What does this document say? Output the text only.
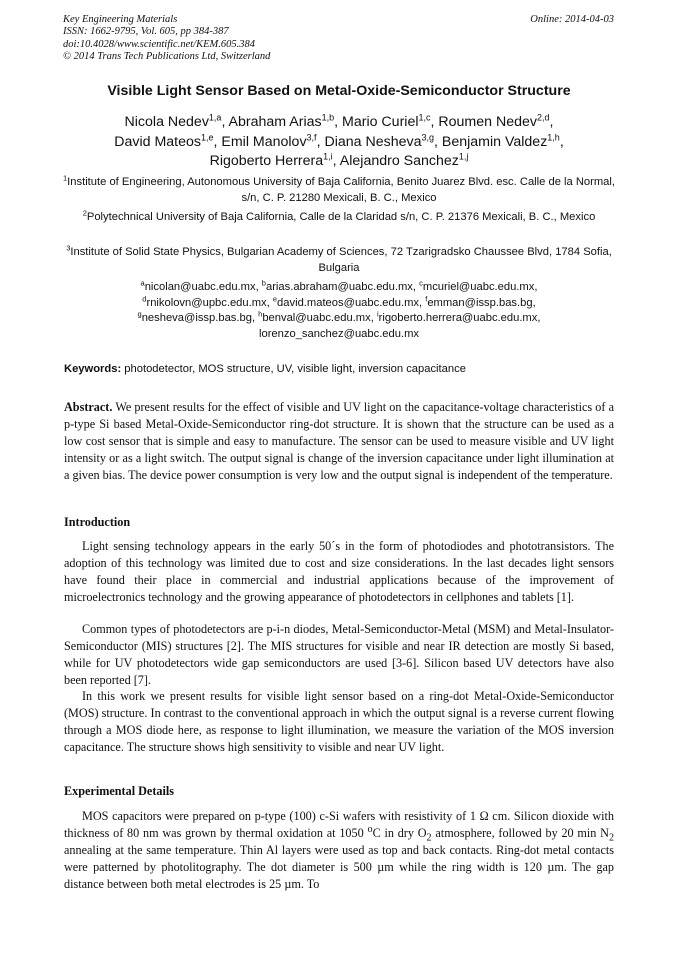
Key Engineering Materials
ISSN: 1662-9795, Vol. 605, pp 384-387
doi:10.4028/www.scientific.net/KEM.605.384
© 2014 Trans Tech Publications Ltd, Switzerland
Online: 2014-04-03
Visible Light Sensor Based on Metal-Oxide-Semiconductor Structure
Nicola Nedev$^{1,a}$, Abraham Arias$^{1,b}$, Mario Curiel$^{1,c}$, Roumen Nedev$^{2,d}$,
David Mateos$^{1,e}$, Emil Manolov$^{3,f}$, Diana Nesheva$^{3,g}$, Benjamin Valdez$^{1,h}$,
Rigoberto Herrera$^{1,i}$, Alejandro Sanchez$^{1,j}$
$^1$Institute of Engineering, Autonomous University of Baja California, Benito Juarez Blvd. esc. Calle de la Normal, s/n, C. P. 21280 Mexicali, B. C., Mexico
$^2$Polytechnical University of Baja California, Calle de la Claridad s/n, C. P. 21376 Mexicali, B. C., Mexico
$^3$Institute of Solid State Physics, Bulgarian Academy of Sciences, 72 Tzarigradsko Chaussee Blvd, 1784 Sofia, Bulgaria
$^a$nicolan@uabc.edu.mx, $^b$arias.abraham@uabc.edu.mx, $^c$mcuriel@uabc.edu.mx,
$^d$rnikolovn@upbc.edu.mx, $^e$david.mateos@uabc.edu.mx, $^f$emman@issp.bas.bg,
$^g$nesheva@issp.bas.bg, $^h$benval@uabc.edu.mx, $^i$rigoberto.herrera@uabc.edu.mx,
lorenzo_sanchez@uabc.edu.mx
Keywords: photodetector, MOS structure, UV, visible light, inversion capacitance
Abstract. We present results for the effect of visible and UV light on the capacitance-voltage characteristics of a p-type Si based Metal-Oxide-Semiconductor ring-dot structure. It is shown that the structure can be used as a low cost sensor that is simple and easy to manufacture. The sensor can be used to measure visible and UV light intensity or as a light switch. The output signal is change of the inversion capacitance under light illumination at a given bias. The device power consumption is very low and the output signal is independent of the temperature.
Introduction

Light sensing technology appears in the early 50´s in the form of photodiodes and phototransistors. The adoption of this technology was limited due to cost and size considerations. In the last decades light sensors have found their place in commercial and industrial applications because of the improvement of microelectronics technology and the growing appearance of photodetectors in cellphones and tablets [1].

Common types of photodetectors are p-i-n diodes, Metal-Semiconductor-Metal (MSM) and Metal-Insulator-Semiconductor (MIS) structures [2]. The MIS structures for visible and near IR detection are mostly Si based, while for UV photodetectors wide gap semiconductors are used [3-6]. Silicon based UV detectors have also been reported [7].

In this work we present results for visible light sensor based on a ring-dot Metal-Oxide-Semiconductor (MOS) structure. In contrast to the conventional approach in which the output signal is a reverse current flowing through a MOS diode here, as response to light illumination, we measure the variation of the MOS inversion capacitance. The structure shows high sensitivity to visible and near UV light.

Experimental Details

MOS capacitors were prepared on p-type (100) c-Si wafers with resistivity of 1 Ω cm. Silicon dioxide with thickness of 80 nm was grown by thermal oxidation at 1050 $^o$C in dry $O_2$ atmosphere, followed by 20 $\min N_2$ annealing at the same temperature. Thin Al layers were used as top and back contacts. Ring-dot metal contacts were patterned by photolitography. The dot diameter is 500 µm while the ring width is 120 µm. The gap distance between both metal electrodes is 25 µm. To
